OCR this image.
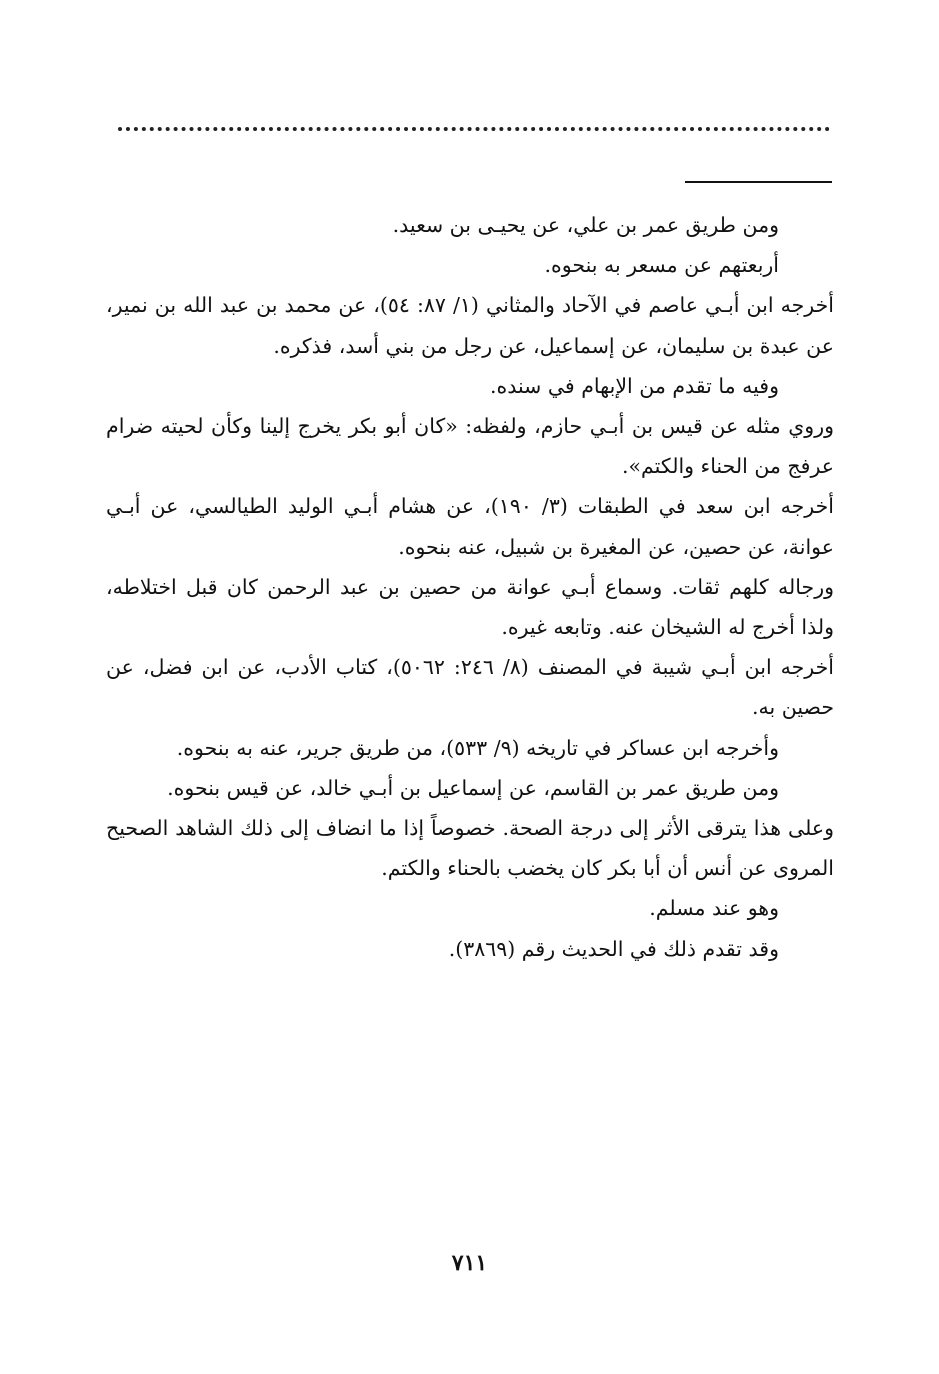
ومن طريق عمر بن علي، عن يحيـى بن سعيد.

أربعتهم عن مسعر به بنحوه.

أخرجه ابن أبـي عاصم في الآحاد والمثاني (١/ ٨٧: ٥٤)، عن محمد بن عبد الله بن نمير، عن عبدة بن سليمان، عن إسماعيل، عن رجل من بني أسد، فذكره.

وفيه ما تقدم من الإبهام في سنده.

وروي مثله عن قيس بن أبـي حازم، ولفظه: «كان أبو بكر يخرج إلينا وكأن لحيته ضرام عرفج من الحناء والكتم».

أخرجه ابن سعد في الطبقات (٣/ ١٩٠)، عن هشام أبـي الوليد الطيالسي، عن أبـي عوانة، عن حصين، عن المغيرة بن شبيل، عنه بنحوه.

ورجاله كلهم ثقات. وسماع أبـي عوانة من حصين بن عبد الرحمن كان قبل اختلاطه، ولذا أخرج له الشيخان عنه. وتابعه غيره.

أخرجه ابن أبـي شيبة في المصنف (٨/ ٢٤٦: ٥٠٦٢)، كتاب الأدب، عن ابن فضل، عن حصين به.

وأخرجه ابن عساكر في تاريخه (٩/ ٥٣٣)، من طريق جرير، عنه به بنحوه.

ومن طريق عمر بن القاسم، عن إسماعيل بن أبـي خالد، عن قيس بنحوه.

وعلى هذا يترقى الأثر إلى درجة الصحة. خصوصاً إذا ما انضاف إلى ذلك الشاهد الصحيح المروى عن أنس أن أبا بكر كان يخضب بالحناء والكتم.

وهو عند مسلم.

وقد تقدم ذلك في الحديث رقم (٣٨٦٩).

٧١١
